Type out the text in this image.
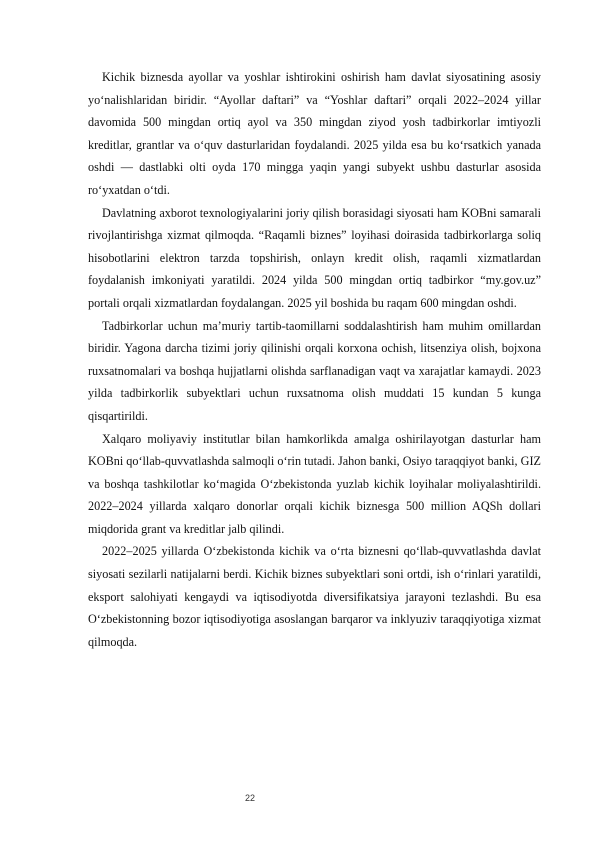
Kichik biznesda ayollar va yoshlar ishtirokini oshirish ham davlat siyosatining asosiy yo‘nalishlaridan biridir. “Ayollar daftari” va “Yoshlar daftari” orqali 2022–2024 yillar davomida 500 mingdan ortiq ayol va 350 mingdan ziyod yosh tadbirkorlar imtiyozli kreditlar, grantlar va o‘quv dasturlaridan foydalandi. 2025 yilda esa bu ko‘rsatkich yanada oshdi — dastlabki olti oyda 170 mingga yaqin yangi subyekt ushbu dasturlar asosida ro‘yxatdan o‘tdi.

Davlatning axborot texnologiyalarini joriy qilish borasidagi siyosati ham KOBni samarali rivojlantirishga xizmat qilmoqda. “Raqamli biznes” loyihasi doirasida tadbirkorlarga soliq hisobotlarini elektron tarzda topshirish, onlayn kredit olish, raqamli xizmatlardan foydalanish imkoniyati yaratildi. 2024 yilda 500 mingdan ortiq tadbirkor “my.gov.uz” portali orqali xizmatlardan foydalangan. 2025 yil boshida bu raqam 600 mingdan oshdi.

Tadbirkorlar uchun ma’muriy tartib-taomillarni soddalashtirish ham muhim omillardan biridir. Yagona darcha tizimi joriy qilinishi orqali korxona ochish, litsenziya olish, bojxona ruxsatnomalari va boshqa hujjatlarni olishda sarflanadigan vaqt va xarajatlar kamaydi. 2023 yilda tadbirkorlik subyektlari uchun ruxsatnoma olish muddati 15 kundan 5 kunga qisqartirildi.

Xalqaro moliyaviy institutlar bilan hamkorlikda amalga oshirilayotgan dasturlar ham KOBni qo‘llab-quvvatlashda salmoqli o‘rin tutadi. Jahon banki, Osiyo taraqqiyot banki, GIZ va boshqa tashkilotlar ko‘magida O‘zbekistonda yuzlab kichik loyihalar moliyalashtirildi. 2022–2024 yillarda xalqaro donorlar orqali kichik biznesga 500 million AQSh dollari miqdorida grant va kreditlar jalb qilindi.

2022–2025 yillarda O‘zbekistonda kichik va o‘rta biznesni qo‘llab-quvvatlashda davlat siyosati sezilarli natijalarni berdi. Kichik biznes subyektlari soni ortdi, ish o‘rinlari yaratildi, eksport salohiyati kengaydi va iqtisodiyotda diversifikatsiya jarayoni tezlashdi. Bu esa O‘zbekistonning bozor iqtisodiyotiga asoslangan barqaror va inklyuziv taraqqiyotiga xizmat qilmoqda.

22
